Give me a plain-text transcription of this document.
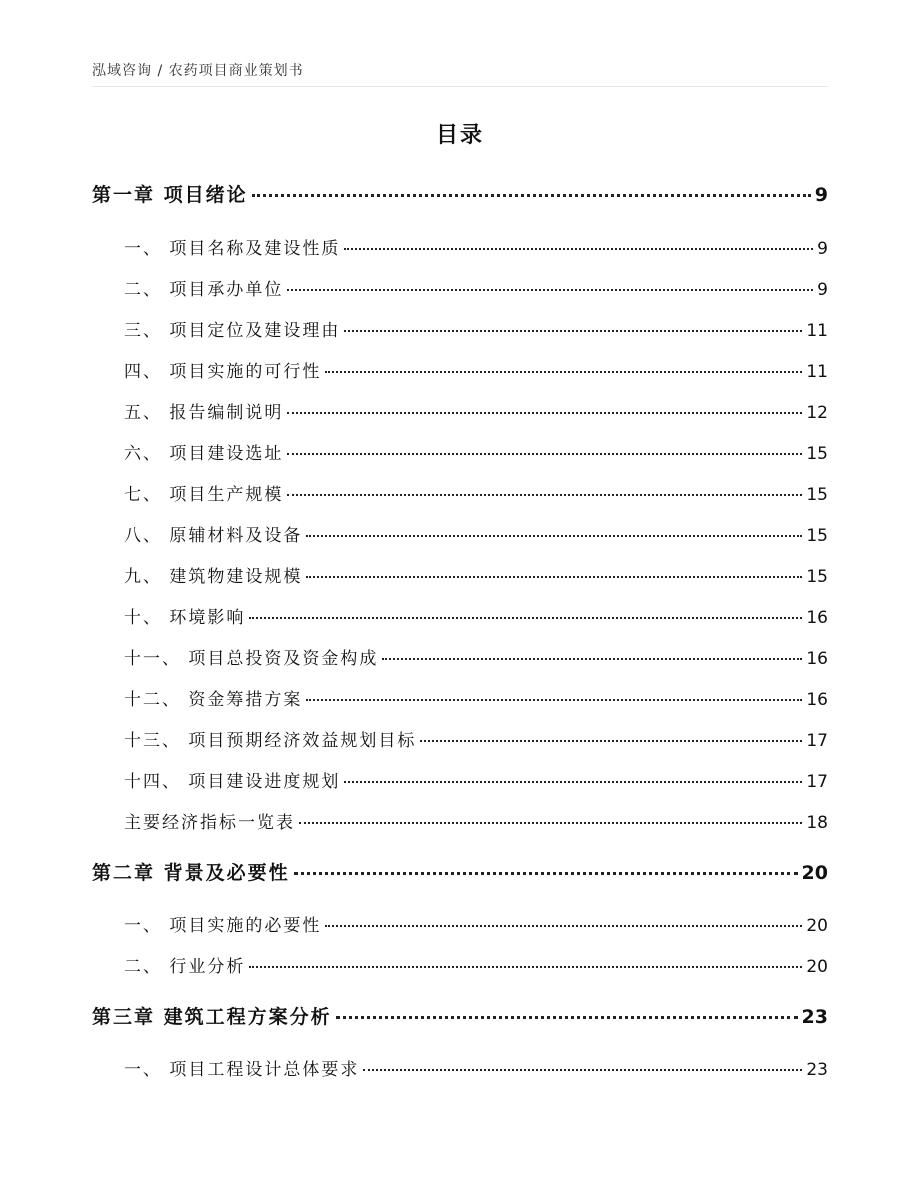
泓域咨询 / 农药项目商业策划书
目录
第一章 项目绪论	9
一、 项目名称及建设性质	9
二、 项目承办单位	9
三、 项目定位及建设理由	11
四、 项目实施的可行性	11
五、 报告编制说明	12
六、 项目建设选址	15
七、 项目生产规模	15
八、 原辅材料及设备	15
九、 建筑物建设规模	15
十、 环境影响	16
十一、 项目总投资及资金构成	16
十二、 资金筹措方案	16
十三、 项目预期经济效益规划目标	17
十四、 项目建设进度规划	17
主要经济指标一览表	18
第二章 背景及必要性	20
一、 项目实施的必要性	20
二、 行业分析	20
第三章 建筑工程方案分析	23
一、 项目工程设计总体要求	23
